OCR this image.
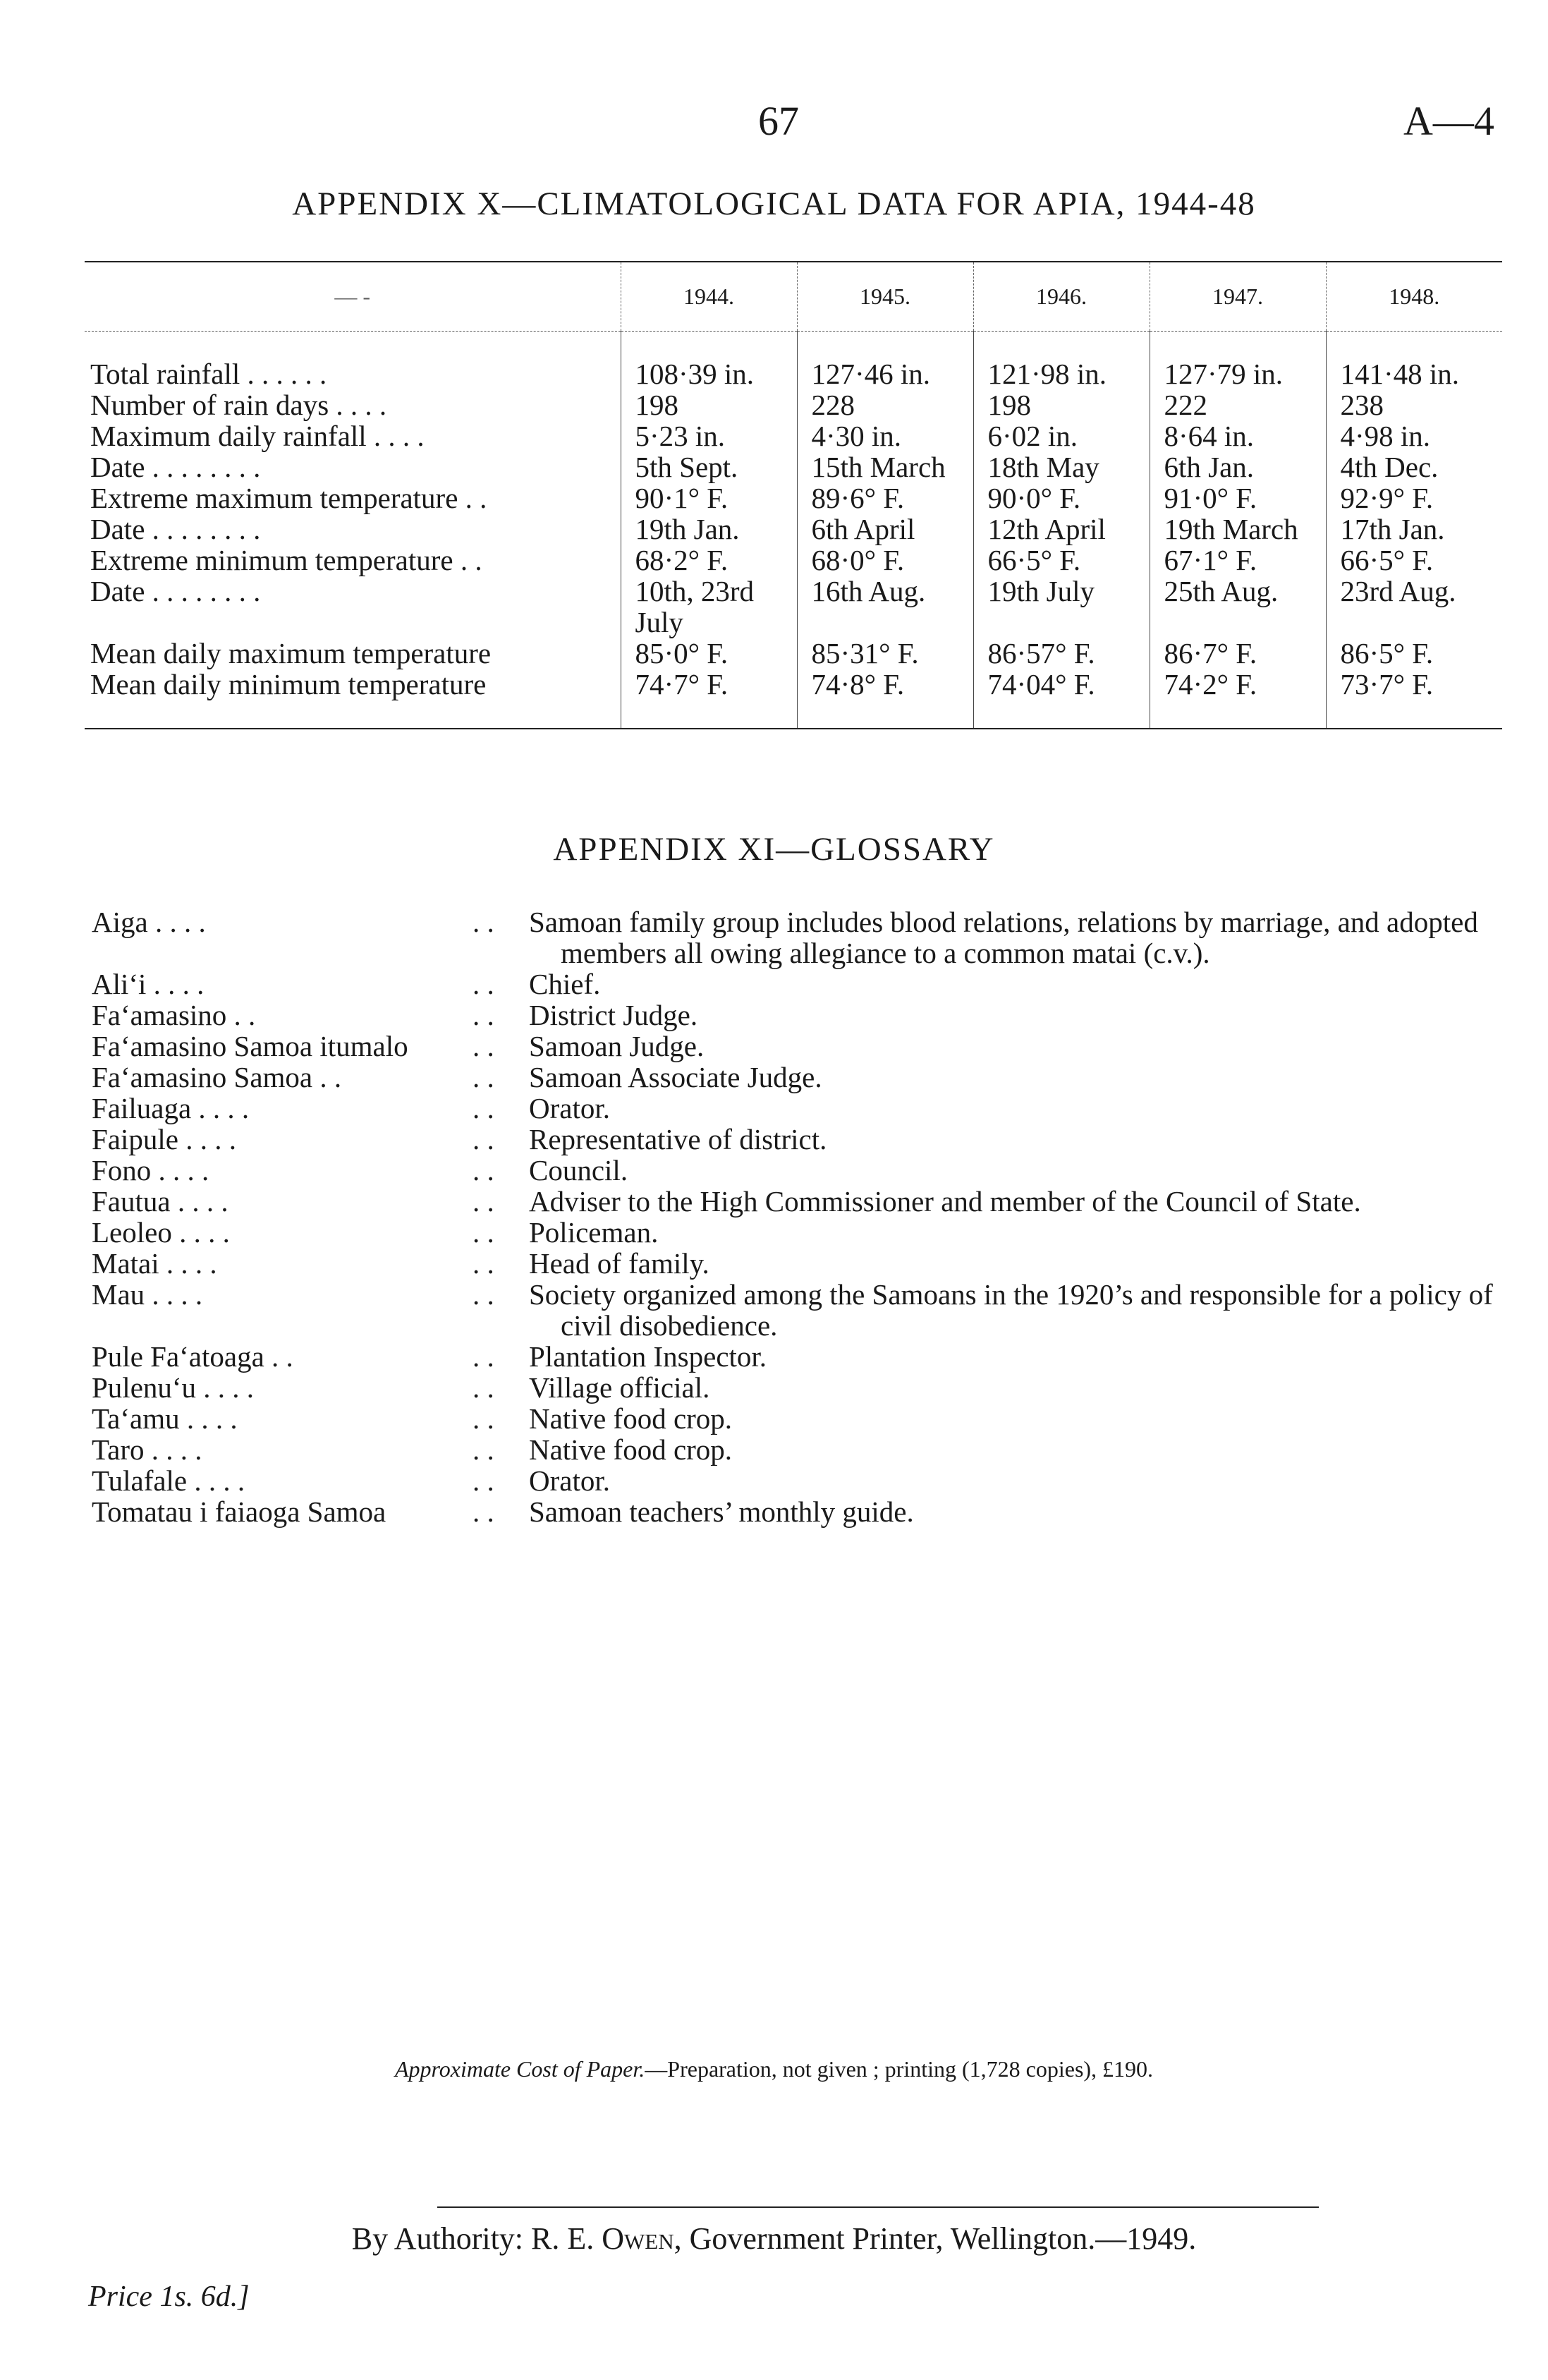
67	A—4
APPENDIX X—CLIMATOLOGICAL DATA FOR APIA, 1944-48
— -	1944.	1945.	1946.	1947.	1948.
Total rainfall . . . . . .	108·39 in.	127·46 in.	121·98 in.	127·79 in.	141·48 in.
Number of rain days . . . .	198	228	198	222	238
Maximum daily rainfall . . . .	5·23 in.	4·30 in.	6·02 in.	8·64 in.	4·98 in.
Date . . . . . . . .	5th Sept.	15th March	18th May	6th Jan.	4th Dec.
Extreme maximum temperature . .	90·1° F.	89·6° F.	90·0° F.	91·0° F.	92·9° F.
Date . . . . . . . .	19th Jan.	6th April	12th April	19th March	17th Jan.
Extreme minimum temperature . .	68·2° F.	68·0° F.	66·5° F.	67·1° F.	66·5° F.
Date . . . . . . . .	10th, 23rd July	16th Aug.	19th July	25th Aug.	23rd Aug.
Mean daily maximum temperature	85·0° F.	85·31° F.	86·57° F.	86·7° F.	86·5° F.
Mean daily minimum temperature	74·7° F.	74·8° F.	74·04° F.	74·2° F.	73·7° F.
APPENDIX XI—GLOSSARY
Aiga . . . .	. .	Samoan family group includes blood relations, relations by marriage, and adopted members all owing allegiance to a common matai (c.v.).
Ali‘i . . . .	. .	Chief.
Fa‘amasino . .	. .	District Judge.
Fa‘amasino Samoa itumalo	. .	Samoan Judge.
Fa‘amasino Samoa . .	. .	Samoan Associate Judge.
Failuaga . . . .	. .	Orator.
Faipule . . . .	. .	Representative of district.
Fono . . . .	. .	Council.
Fautua . . . .	. .	Adviser to the High Commissioner and member of the Council of State.
Leoleo . . . .	. .	Policeman.
Matai . . . .	. .	Head of family.
Mau . . . .	. .	Society organized among the Samoans in the 1920’s and responsible for a policy of civil disobedience.
Pule Fa‘atoaga . .	. .	Plantation Inspector.
Pulenu‘u . . . .	. .	Village official.
Ta‘amu . . . .	. .	Native food crop.
Taro . . . .	. .	Native food crop.
Tulafale . . . .	. .	Orator.
Tomatau i faiaoga Samoa	. .	Samoan teachers’ monthly guide.
Approximate Cost of Paper.—Preparation, not given ; printing (1,728 copies), £190.
By Authority: R. E. Owen, Government Printer, Wellington.—1949.
Price 1s. 6d.]
